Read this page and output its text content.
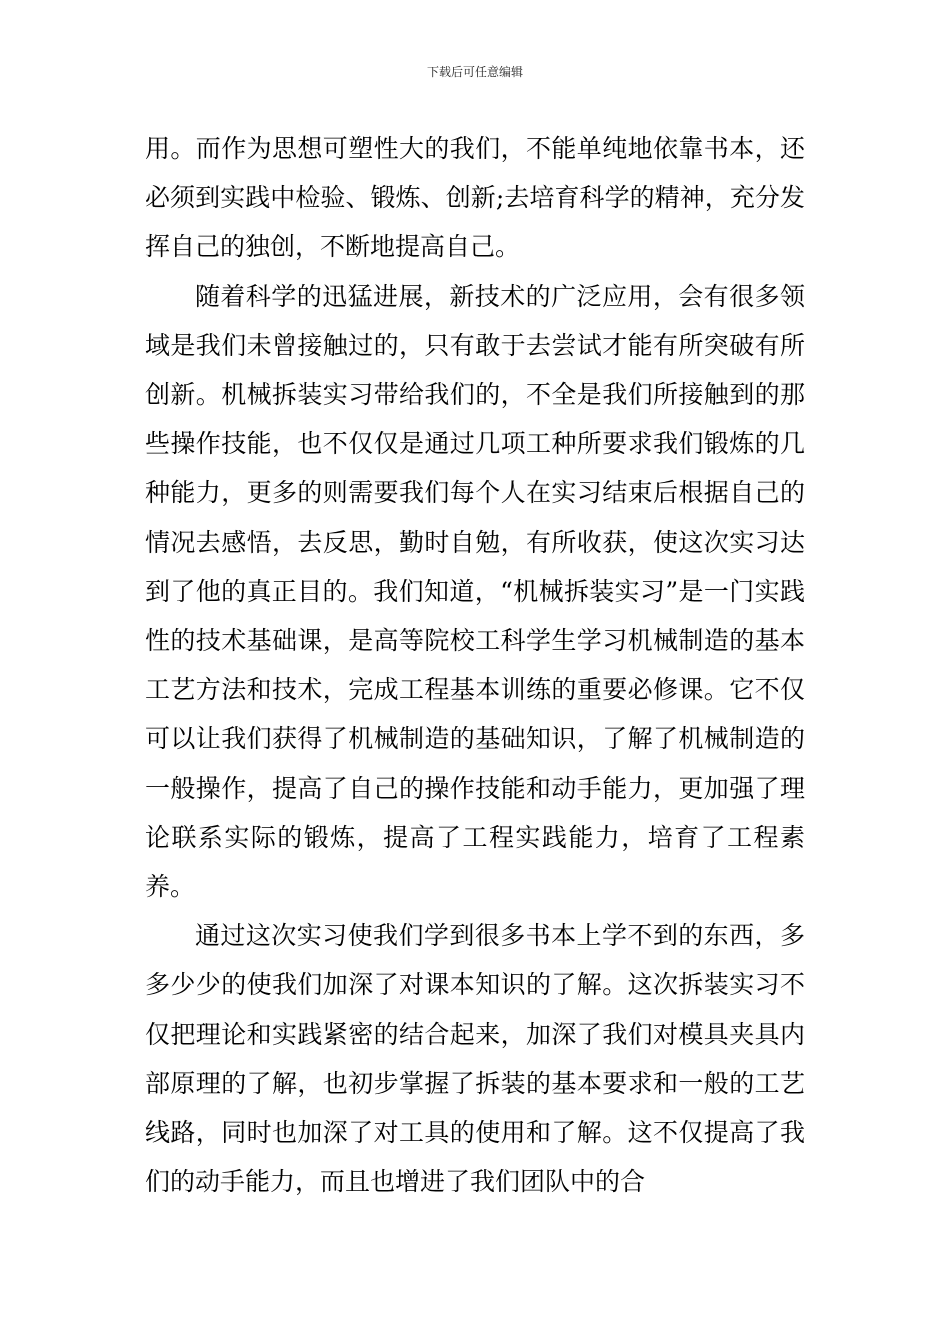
下载后可任意编辑

用。而作为思想可塑性大的我们，不能单纯地依靠书本，还必须到实践中检验、锻炼、创新;去培育科学的精神，充分发挥自己的独创，不断地提高自己。

随着科学的迅猛进展，新技术的广泛应用，会有很多领域是我们未曾接触过的，只有敢于去尝试才能有所突破有所创新。机械拆装实习带给我们的，不全是我们所接触到的那些操作技能，也不仅仅是通过几项工种所要求我们锻炼的几种能力，更多的则需要我们每个人在实习结束后根据自己的情况去感悟，去反思，勤时自勉，有所收获，使这次实习达到了他的真正目的。我们知道，“机械拆装实习”是一门实践性的技术基础课，是高等院校工科学生学习机械制造的基本工艺方法和技术，完成工程基本训练的重要必修课。它不仅可以让我们获得了机械制造的基础知识，了解了机械制造的一般操作，提高了自己的操作技能和动手能力，更加强了理论联系实际的锻炼，提高了工程实践能力，培育了工程素养。

通过这次实习使我们学到很多书本上学不到的东西，多多少少的使我们加深了对课本知识的了解。这次拆装实习不仅把理论和实践紧密的结合起来，加深了我们对模具夹具内部原理的了解，也初步掌握了拆装的基本要求和一般的工艺线路，同时也加深了对工具的使用和了解。这不仅提高了我们的动手能力，而且也增进了我们团队中的合
